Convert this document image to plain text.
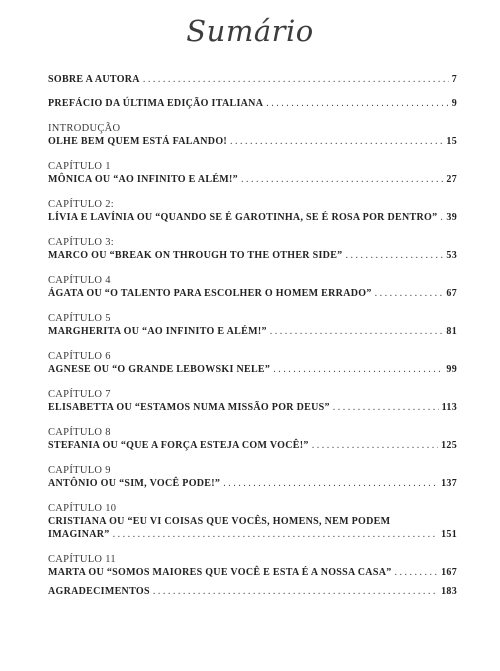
Sumário
SOBRE A AUTORA . . .	7
PREFÁCIO DA ÚLTIMA EDIÇÃO ITALIANA . . .	9
INTRODUÇÃO
OLHE BEM QUEM ESTÁ FALANDO! . . .	15
CAPÍTULO 1
MÔNICA OU “AO INFINITO E ALÉM!” . . .	27
CAPÍTULO 2:
LÍVIA E LAVÍNIA OU “QUANDO SE É GAROTINHA, SE É ROSA POR DENTRO” . . . 39
CAPÍTULO 3:
MARCO OU “BREAK ON THROUGH TO THE OTHER SIDE” . . .	53
CAPÍTULO 4
ÁGATA OU “O TALENTO PARA ESCOLHER O HOMEM ERRADO” . . .	67
CAPÍTULO 5
MARGHERITA OU “AO INFINITO E ALÉM!” . . .	81
CAPÍTULO 6
AGNESE OU “O GRANDE LEBOWSKI NELE” . . .	99
CAPÍTULO 7
ELISABETTA OU “ESTAMOS NUMA MISSÃO POR DEUS” . . .	113
CAPÍTULO 8
STEFANIA OU “QUE A FORÇA ESTEJA COM VOCÊ!” . . .	125
CAPÍTULO 9
ANTÔNIO OU “SIM, VOCÊ PODE!” . . .	137
CAPÍTULO 10
CRISTIANA OU “EU VI COISAS QUE VOCÊS, HOMENS, NEM PODEM
IMAGINAR” . . .	151
CAPÍTULO 11
MARTA OU “SOMOS MAIORES QUE VOCÊ E ESTA É A NOSSA CASA” . . .	167
AGRADECIMENTOS . . .	183
